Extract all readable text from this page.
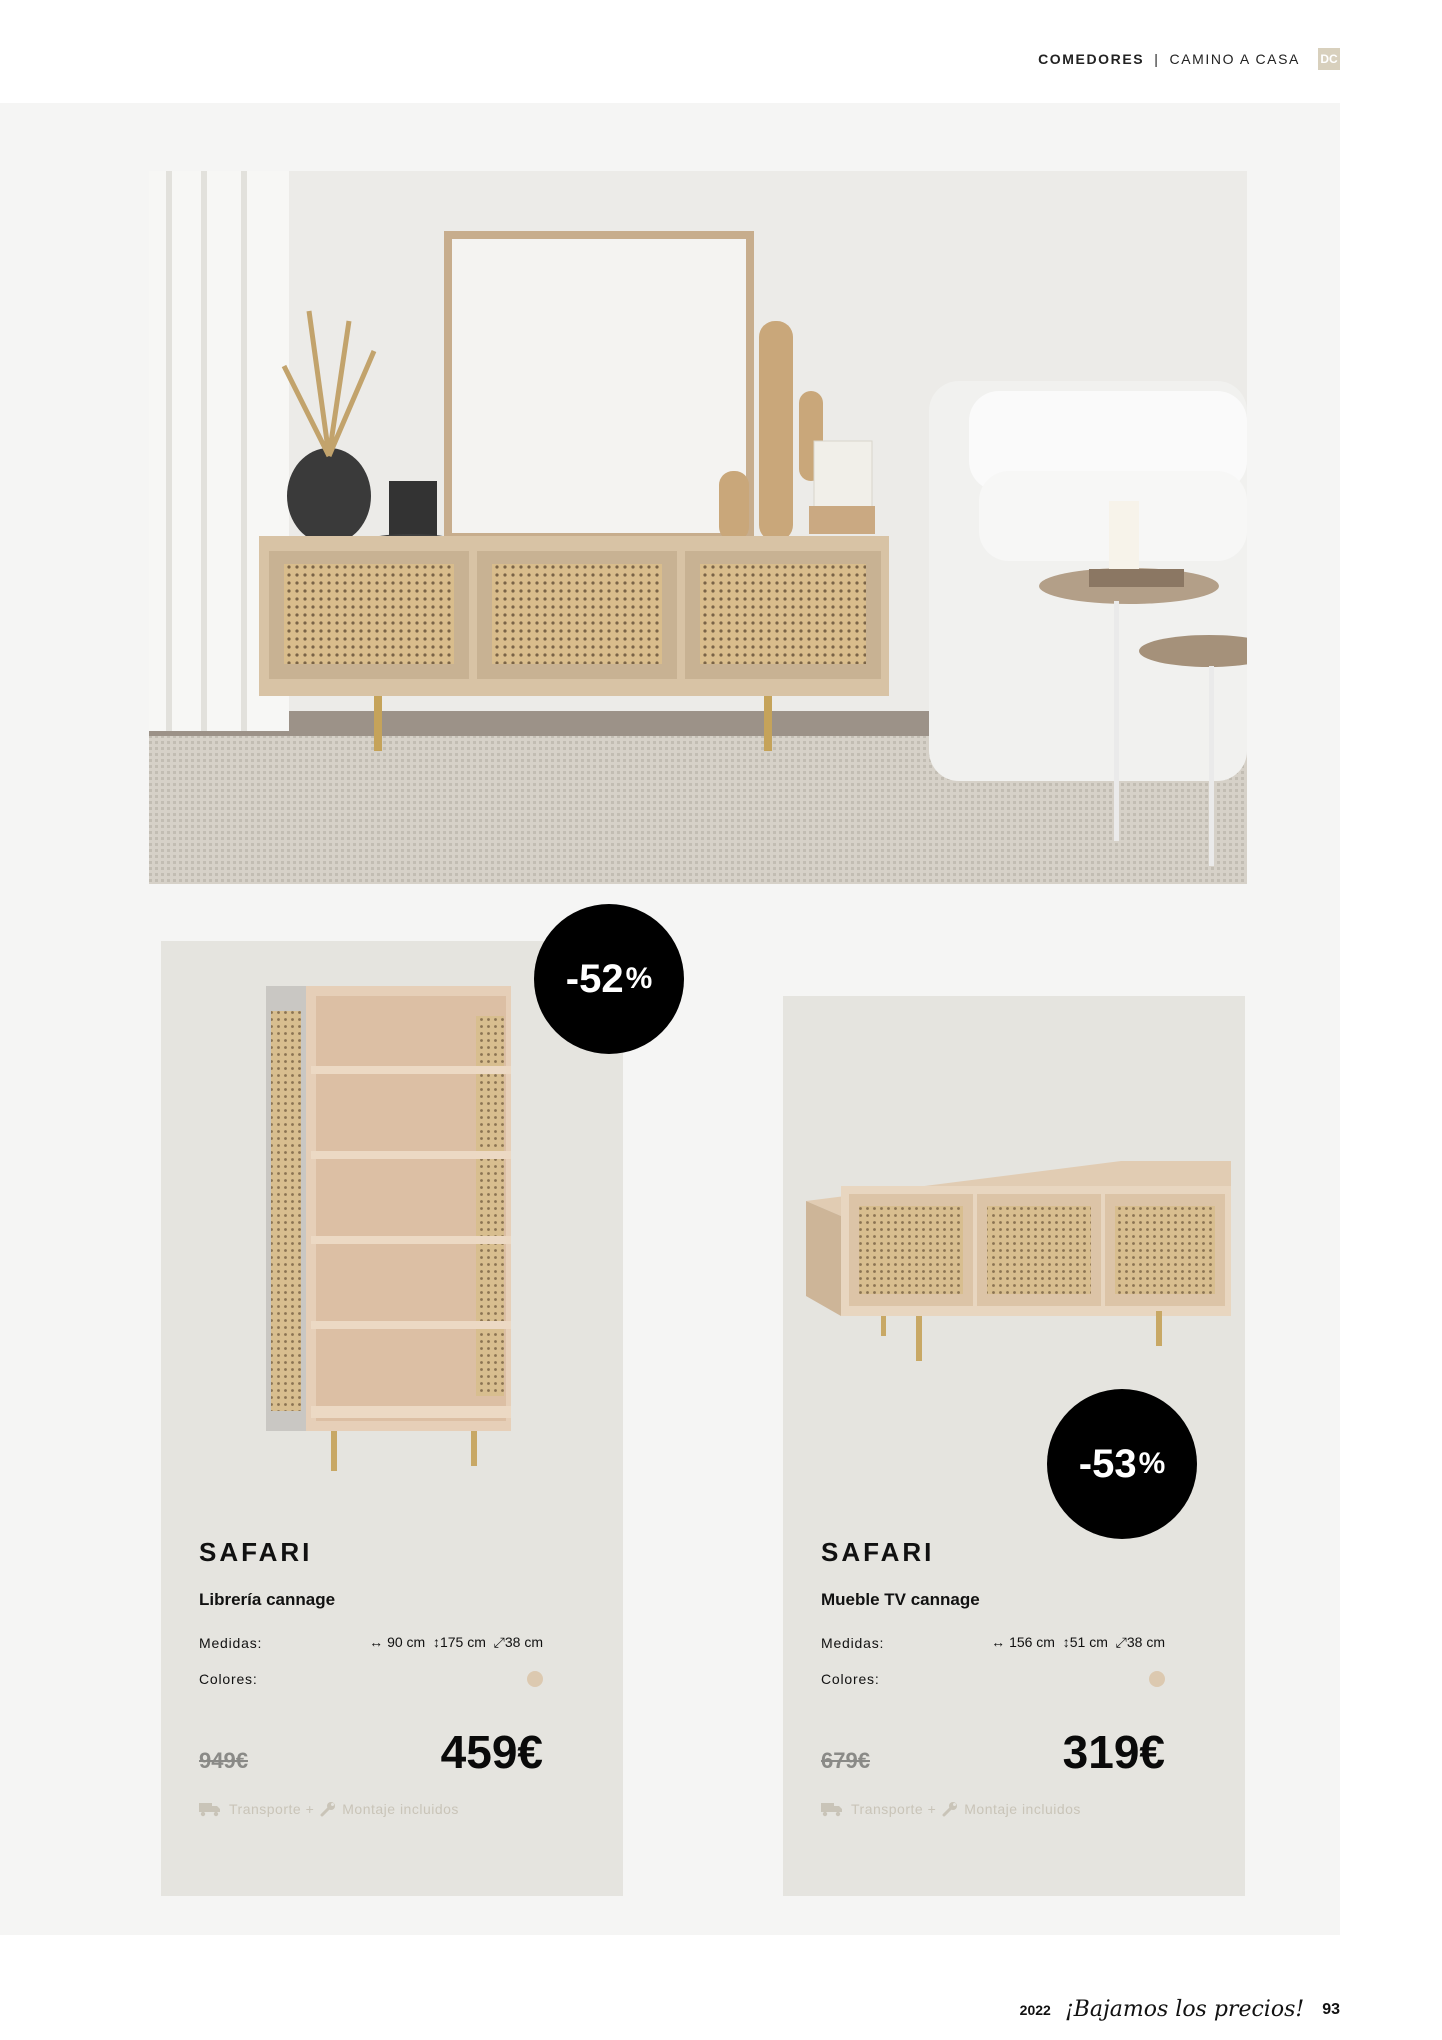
COMEDORES | CAMINO A CASA DC
SAFARI
Librería cannage
Medidas:	↔ 90 cm ↕175 cm ⤢38 cm
Colores:
949€	459€
Transporte + Montaje incluidos
-52 %
SAFARI
Mueble TV cannage
Medidas:	↔ 156 cm ↕51 cm ⤢38 cm
Colores:
679€	319€
Transporte + Montaje incluidos
-53 %
2022 ¡Bajamos los precios! 93
